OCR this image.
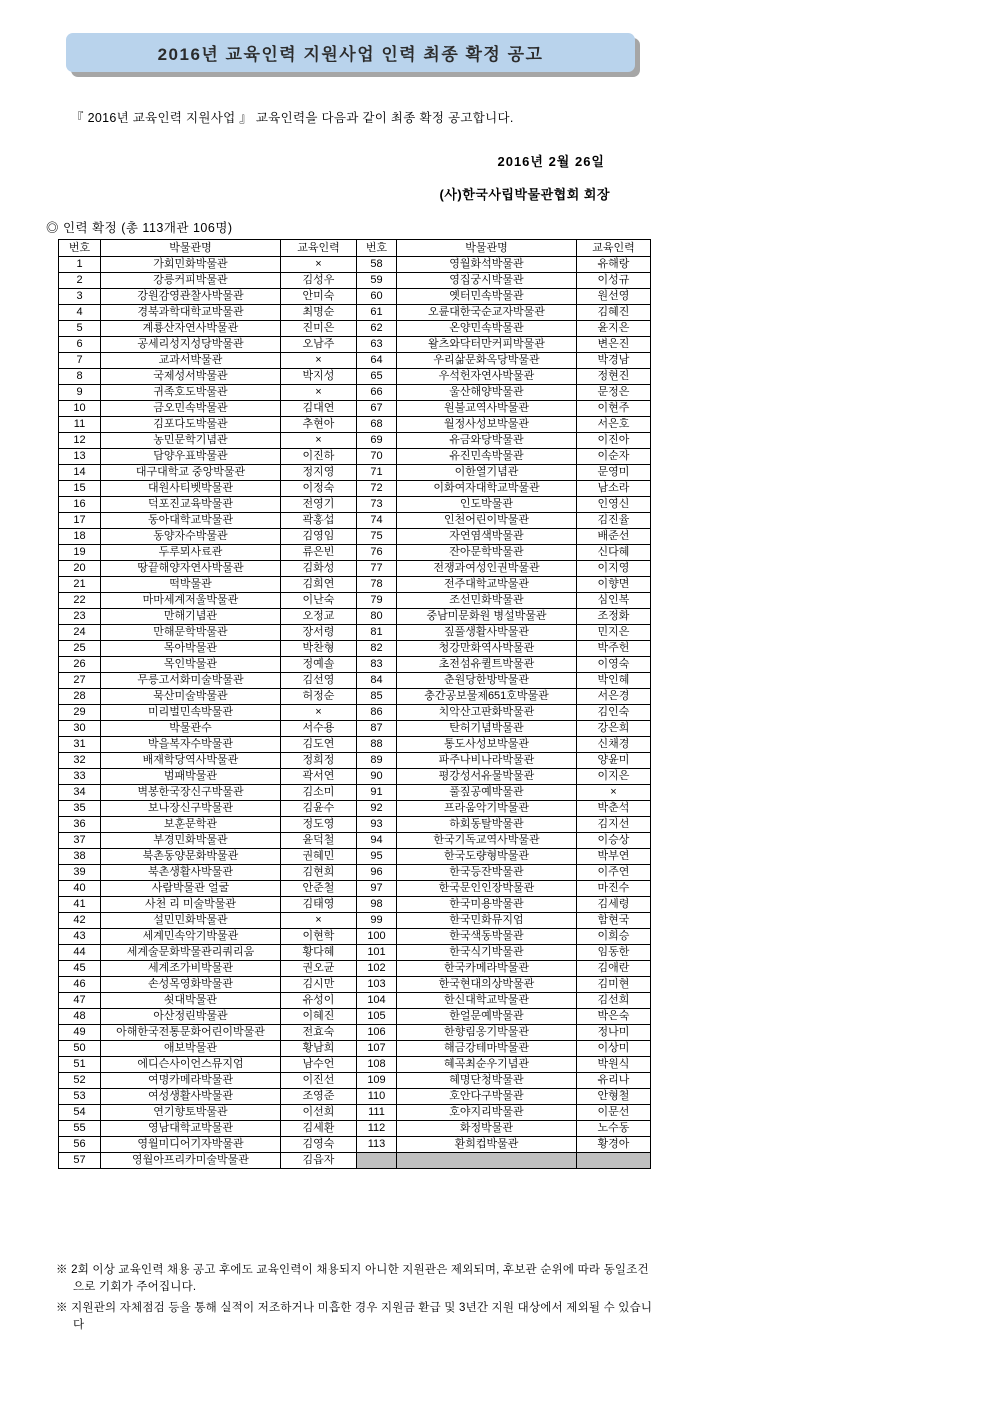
2016년 교육인력 지원사업 인력 최종 확정 공고

『 2016년 교육인력 지원사업 』 교육인력을 다음과 같이 최종 확정 공고합니다.

2016년 2월 26일

(사)한국사립박물관협회 회장

◎ 인력 확정 (총 113개관 106명)

번호	박물관명	교육인력	번호	박물관명	교육인력
1	가회민화박물관	×	58	영월화석박물관	유해랑
2	강릉커피박물관	김성우	59	영집궁시박물관	이성규
3	강원감영관찰사박물관	안미숙	60	옛터민속박물관	원선영
4	경북과학대학교박물관	최명순	61	오륜대한국순교자박물관	김혜진
5	계룡산자연사박물관	진미은	62	온양민속박물관	윤지은
6	공세리성지성당박물관	오남주	63	왈츠와닥터만커피박물관	변은진
7	교과서박물관	×	64	우리삶문화옥당박물관	박경남
8	국제성서박물관	박지성	65	우석헌자연사박물관	정현진
9	귀족호도박물관	×	66	울산해양박물관	문정은
10	금오민속박물관	김대연	67	원불교역사박물관	이현주
11	김포다도박물관	추현아	68	월정사성보박물관	서은호
12	농민문학기념관	×	69	유금와당박물관	이진아
13	담양우표박물관	이진하	70	유진민속박물관	이순자
14	대구대학교 중앙박물관	정지영	71	이한열기념관	문영미
15	대원사티벳박물관	이정숙	72	이화여자대학교박물관	남소라
16	덕포진교육박물관	전영기	73	인도박물관	인영신
17	동아대학교박물관	곽홍섭	74	인천어린이박물관	김진율
18	동양자수박물관	김영임	75	자연염색박물관	배준선
19	두루뫼사료관	류은빈	76	잔아문학박물관	신다혜
20	땅끝해양자연사박물관	김화성	77	전쟁과여성인권박물관	이지영
21	떡박물관	김희연	78	전주대학교박물관	이향면
22	마마세계저울박물관	이난숙	79	조선민화박물관	심인복
23	만해기념관	오정교	80	중남미문화원 병설박물관	조정화
24	만해문학박물관	장서령	81	짚풀생활사박물관	민지은
25	목아박물관	박찬형	82	청강만화역사박물관	박주헌
26	목인박물관	정예솔	83	초전섬유퀼트박물관	이영숙
27	무릉고서화미술박물관	김선영	84	춘원당한방박물관	박인혜
28	묵산미술박물관	허정순	85	충간공보물제651호박물관	서은경
29	미리벌민속박물관	×	86	치악산고판화박물관	김인숙
30	박물관수	서수용	87	탄허기념박물관	강은희
31	박을복자수박물관	김도연	88	통도사성보박물관	신채경
32	배재학당역사박물관	정희정	89	파주나비나라박물관	양윤미
33	범패박물관	곽서연	90	평강성서유물박물관	이지은
34	벽봉한국장신구박물관	김소미	91	풀짚공예박물관	×
35	보나장신구박물관	김윤수	92	프라움악기박물관	박춘석
36	보훈문학관	정도영	93	하회동탈박물관	김지선
37	부경민화박물관	윤덕철	94	한국기독교역사박물관	이승상
38	북촌동양문화박물관	권혜민	95	한국도량형박물관	박부연
39	북촌생활사박물관	김현희	96	한국등잔박물관	이주연
40	사람박물관 얼굴	안준철	97	한국문인인장박물관	마진수
41	사천 리 미술박물관	김태영	98	한국미용박물관	김세령
42	설민민화박물관	×	99	한국민화뮤지엄	함현국
43	세계민속악기박물관	이현학	100	한국색동박물관	이희승
44	세계술문화박물관리쿼리움	황다혜	101	한국식기박물관	임동한
45	세계조가비박물관	권오균	102	한국카메라박물관	김애란
46	손성목영화박물관	김시만	103	한국현대의상박물관	김미현
47	쇳대박물관	유성이	104	한신대학교박물관	김선희
48	아산정린박물관	이혜진	105	한얼문예박물관	박은숙
49	아해한국전통문화어린이박물관	전효숙	106	한향림옹기박물관	정나미
50	애보박물관	황남희	107	해금강테마박물관	이상미
51	에디슨사이언스뮤지엄	남수언	108	혜곡최순우기념관	박원식
52	여명카메라박물관	이진선	109	혜명단청박물관	유리나
53	여성생활사박물관	조영준	110	호안다구박물관	안형철
54	연기향토박물관	이선희	111	호야지리박물관	이문선
55	영남대학교박물관	김세환	112	화정박물관	노수동
56	영월미디어기자박물관	김영숙	113	환희컵박물관	황경아
57	영월아프리카미술박물관	김읍자			

※ 2회 이상 교육인력 채용 공고 후에도 교육인력이 채용되지 아니한 지원관은 제외되며, 후보관 순위에 따라 동일조건으로 기회가 주어집니다.

※ 지원관의 자체점검 등을 통해 실적이 저조하거나 미흡한 경우 지원금 환급 및 3년간 지원 대상에서 제외될 수 있습니다
